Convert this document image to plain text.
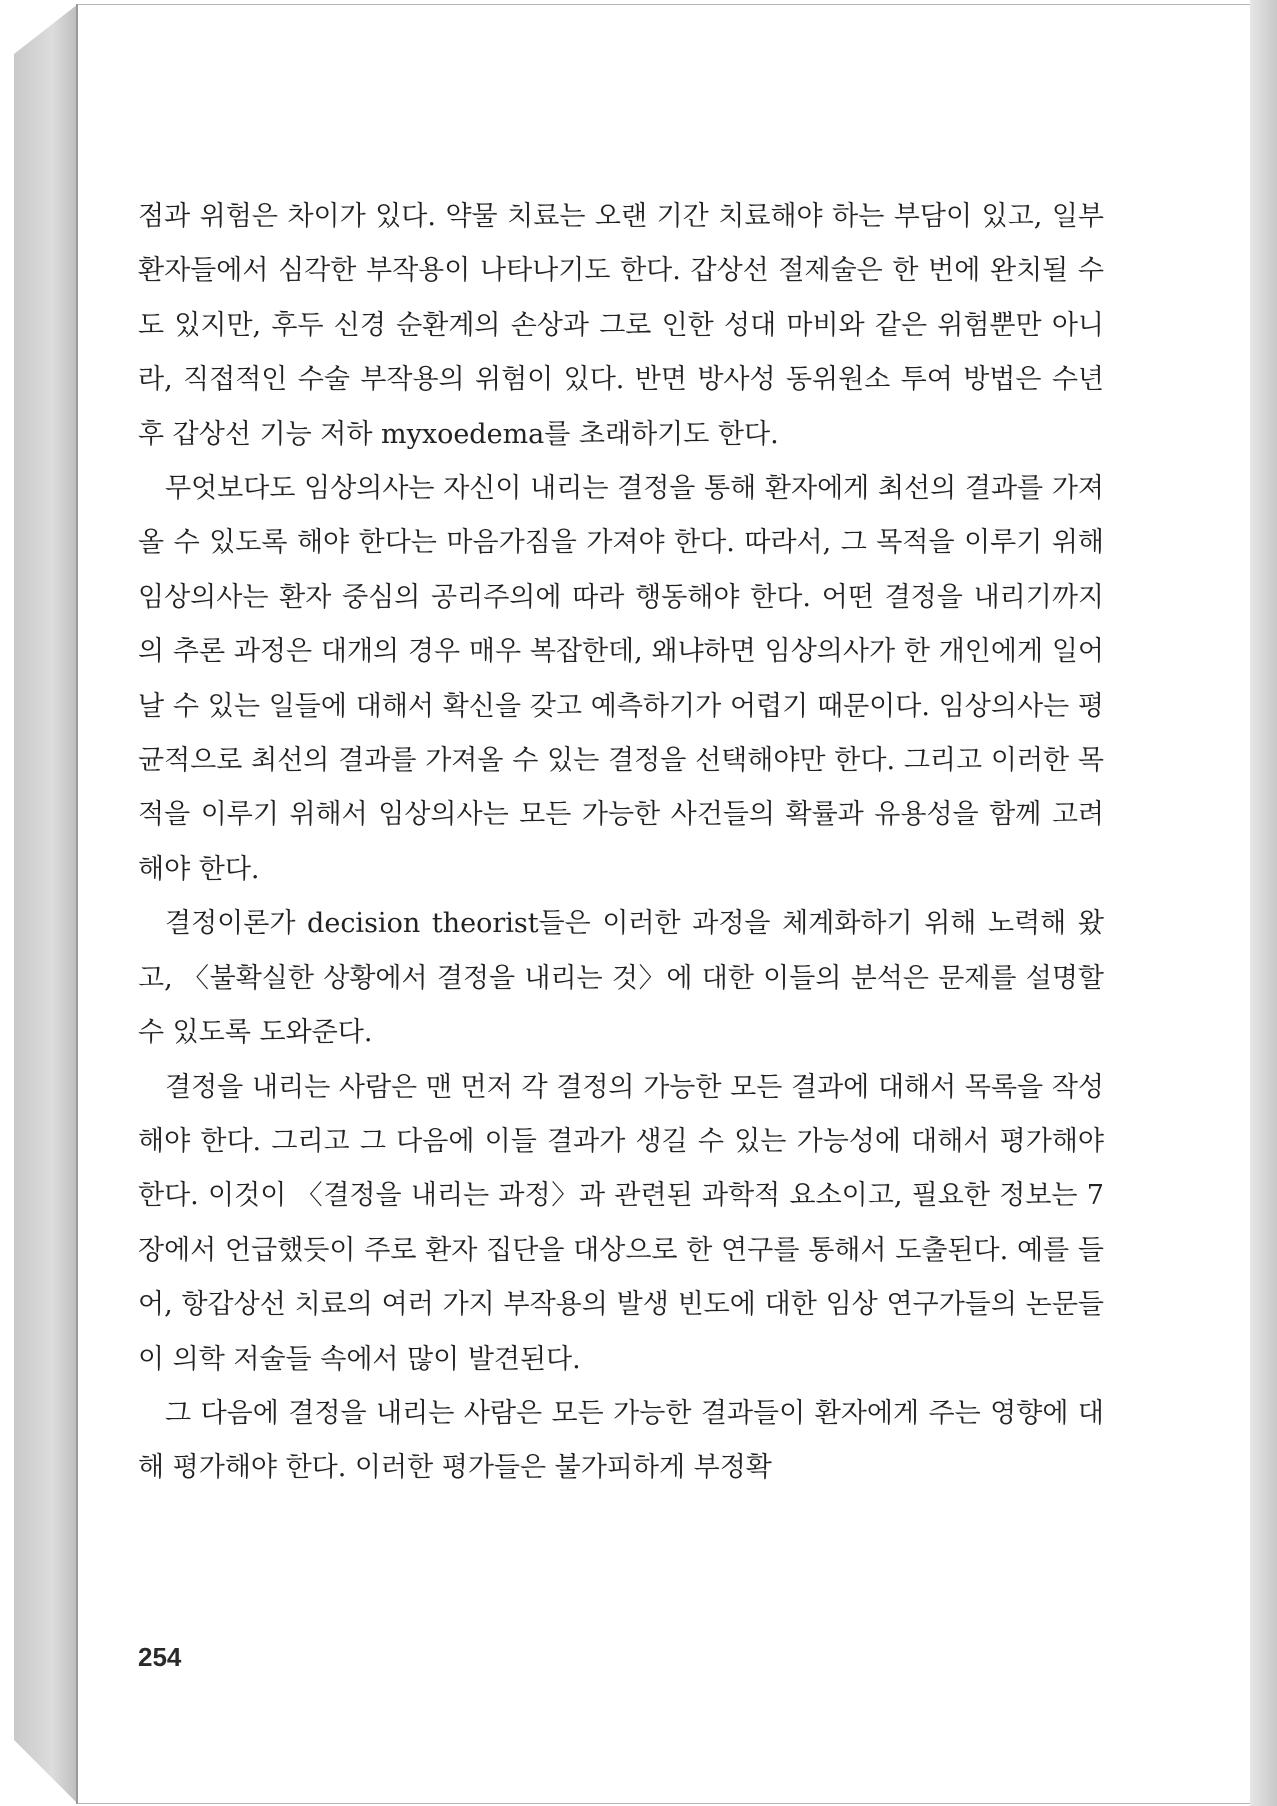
점과 위험은 차이가 있다. 약물 치료는 오랜 기간 치료해야 하는 부담이 있고, 일부 환자들에서 심각한 부작용이 나타나기도 한다. 갑상선 절제술은 한 번에 완치될 수도 있지만, 후두 신경 순환계의 손상과 그로 인한 성대 마비와 같은 위험뿐만 아니라, 직접적인 수술 부작용의 위험이 있다. 반면 방사성 동위원소 투여 방법은 수년 후 갑상선 기능 저하 myxoedema를 초래하기도 한다.

무엇보다도 임상의사는 자신이 내리는 결정을 통해 환자에게 최선의 결과를 가져올 수 있도록 해야 한다는 마음가짐을 가져야 한다. 따라서, 그 목적을 이루기 위해 임상의사는 환자 중심의 공리주의에 따라 행동해야 한다. 어떤 결정을 내리기까지의 추론 과정은 대개의 경우 매우 복잡한데, 왜냐하면 임상의사가 한 개인에게 일어날 수 있는 일들에 대해서 확신을 갖고 예측하기가 어렵기 때문이다. 임상의사는 평균적으로 최선의 결과를 가져올 수 있는 결정을 선택해야만 한다. 그리고 이러한 목적을 이루기 위해서 임상의사는 모든 가능한 사건들의 확률과 유용성을 함께 고려해야 한다.

결정이론가 decision theorist들은 이러한 과정을 체계화하기 위해 노력해 왔고, 〈불확실한 상황에서 결정을 내리는 것〉에 대한 이들의 분석은 문제를 설명할 수 있도록 도와준다.

결정을 내리는 사람은 맨 먼저 각 결정의 가능한 모든 결과에 대해서 목록을 작성해야 한다. 그리고 그 다음에 이들 결과가 생길 수 있는 가능성에 대해서 평가해야 한다. 이것이 〈결정을 내리는 과정〉과 관련된 과학적 요소이고, 필요한 정보는 7장에서 언급했듯이 주로 환자 집단을 대상으로 한 연구를 통해서 도출된다. 예를 들어, 항갑상선 치료의 여러 가지 부작용의 발생 빈도에 대한 임상 연구가들의 논문들이 의학 저술들 속에서 많이 발견된다.

그 다음에 결정을 내리는 사람은 모든 가능한 결과들이 환자에게 주는 영향에 대해 평가해야 한다. 이러한 평가들은 불가피하게 부정확

254
